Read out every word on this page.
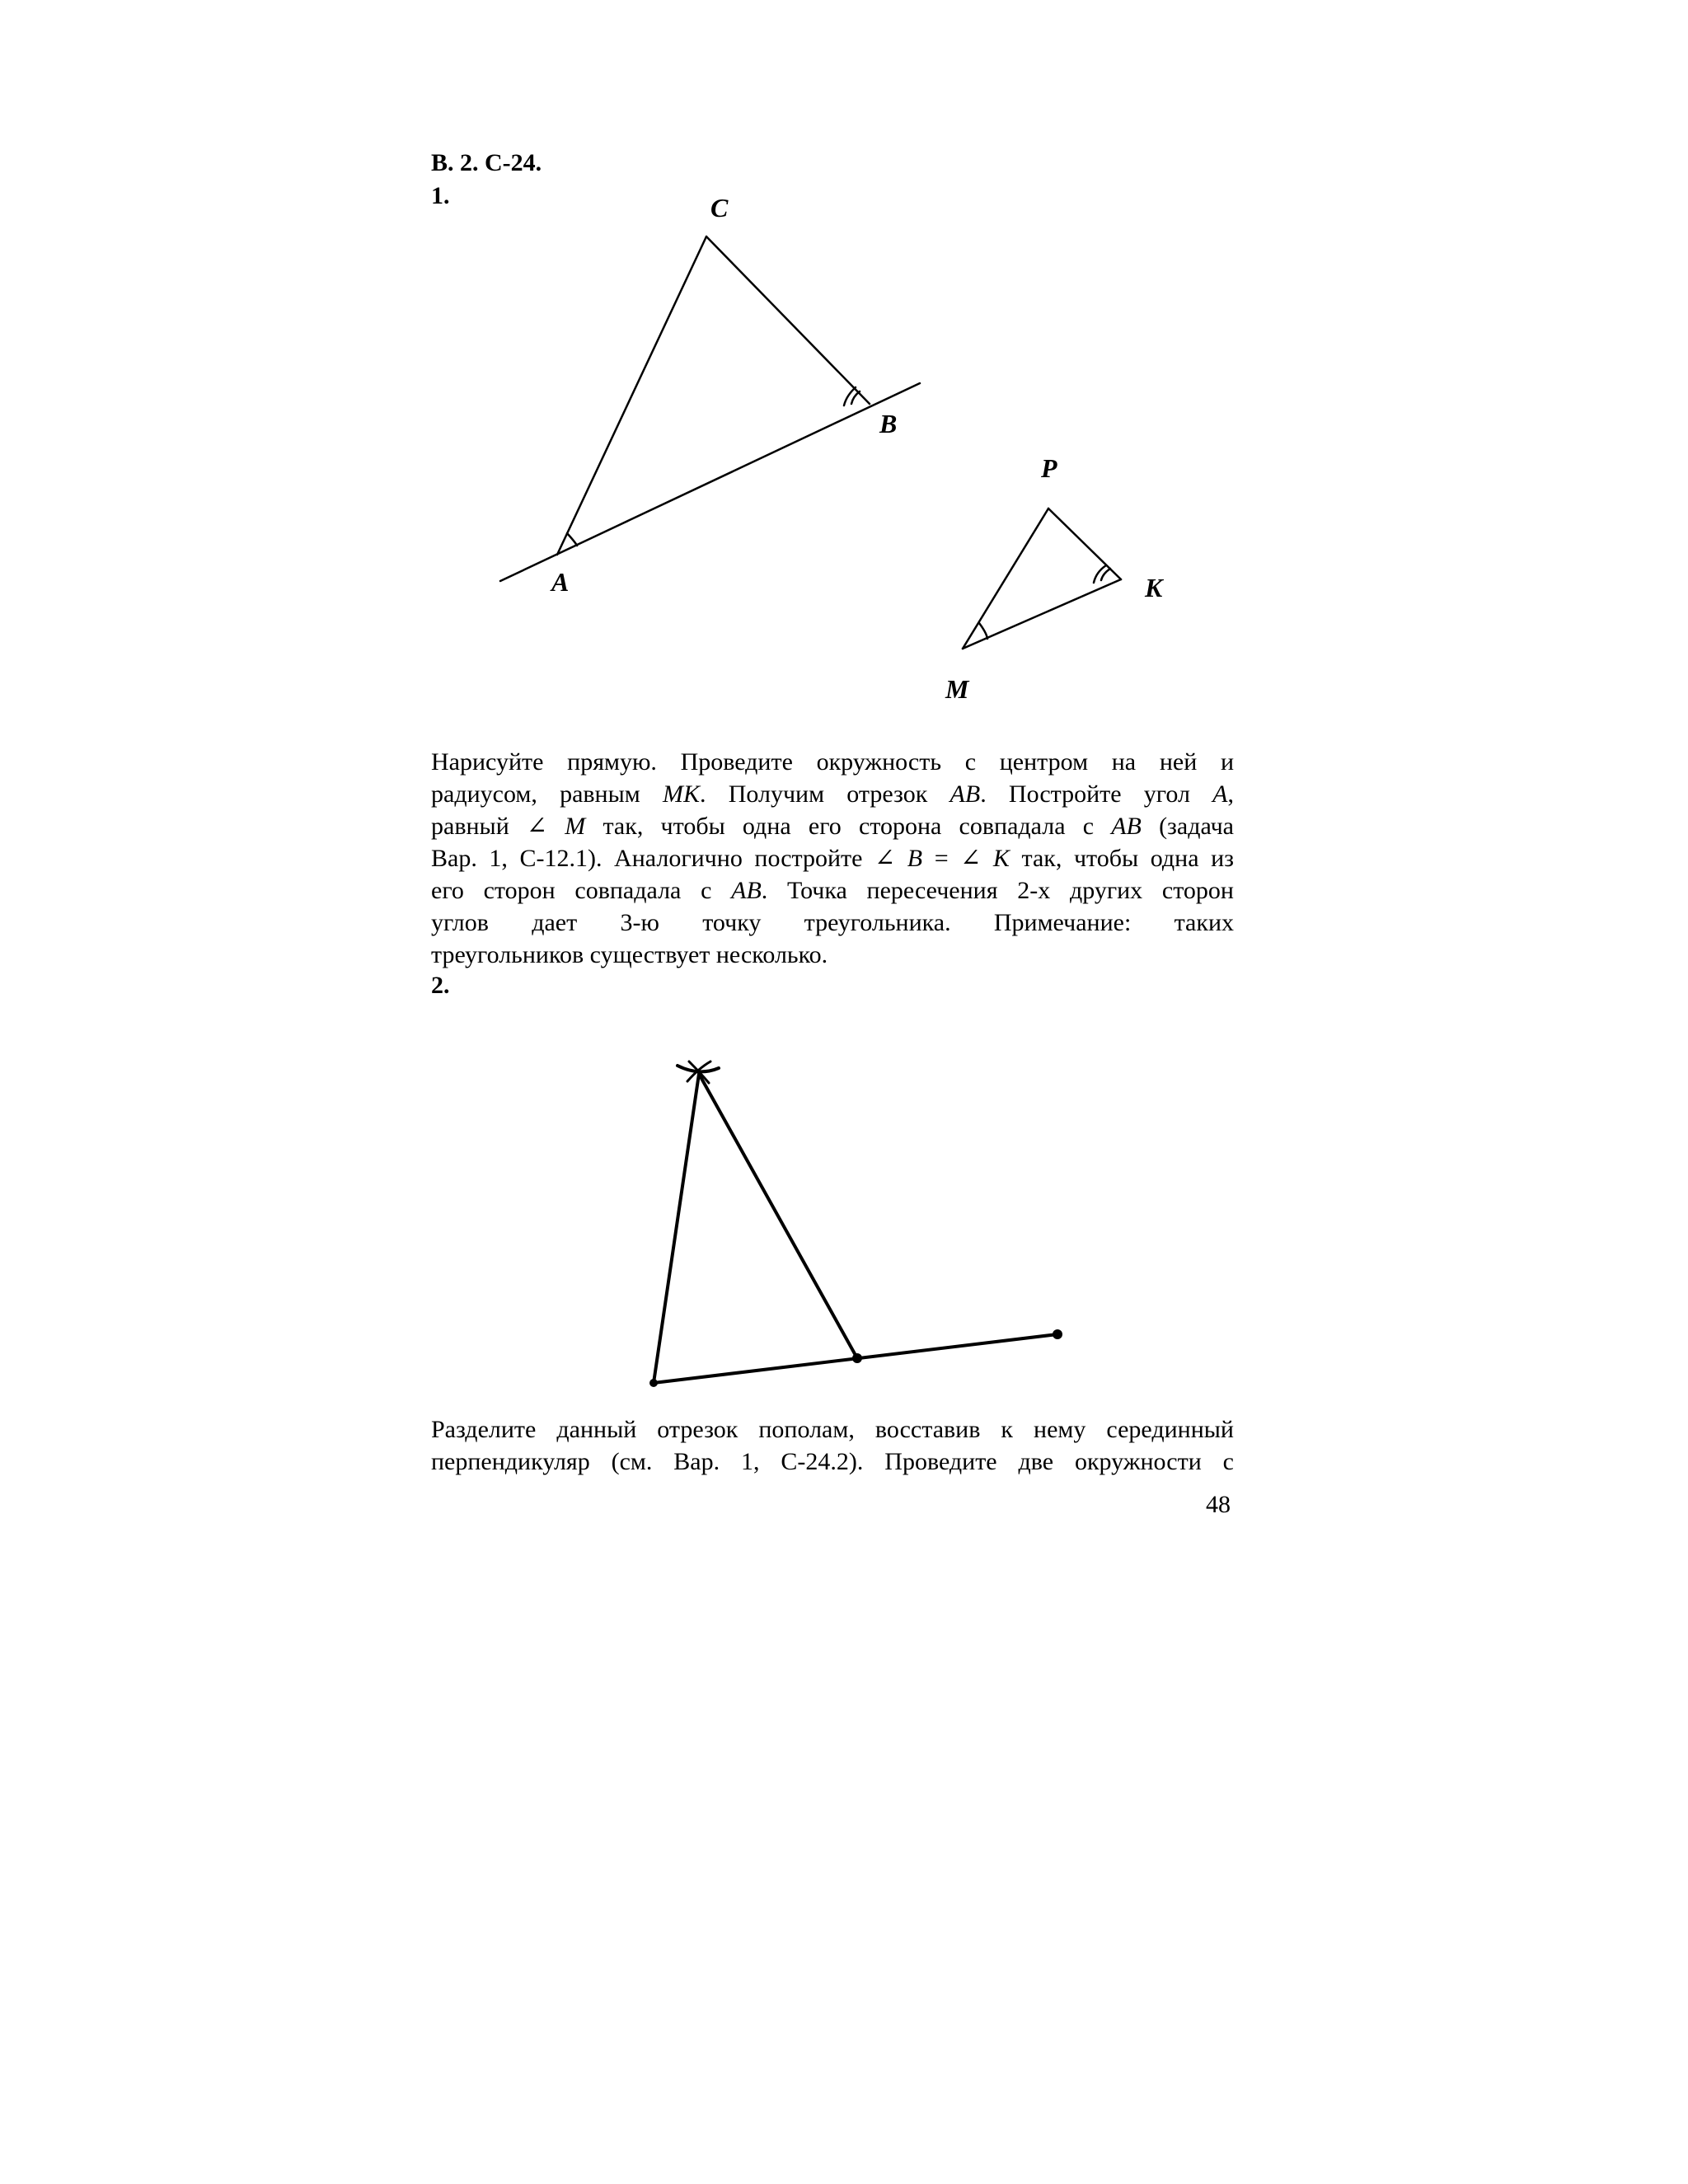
В. 2. С-24.

1.	C
B
A
P
K
M
Нарисуйте прямую. Проведите окружность с центром на ней и
радиусом, равным MK. Получим отрезок AB. Постройте угол A,
равный ∠ M так, чтобы одна его сторона совпадала с AB (задача
Вар. 1, С-12.1). Аналогично постройте ∠ B = ∠ K так, чтобы одна из
его сторон совпадала с AB. Точка пересечения 2-х других сторон
углов дает 3-ю точку треугольника. Примечание: таких
треугольников существует несколько.

2.

Разделите данный отрезок пополам, восставив к нему серединный
перпендикуляр (см. Вар. 1, С-24.2). Проведите две окружности с

48
